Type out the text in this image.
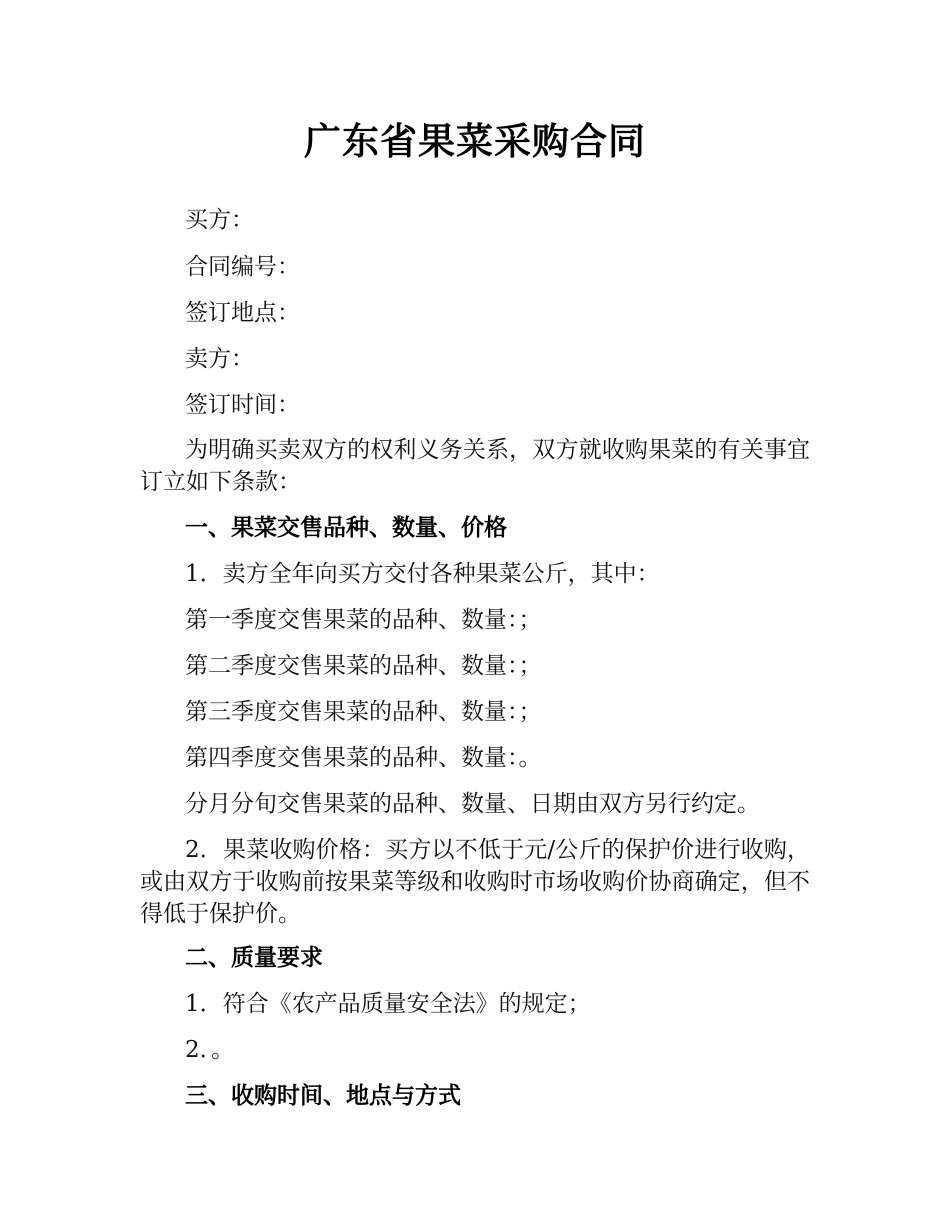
广东省果菜采购合同

买方：

合同编号：

签订地点：

卖方：

签订时间：

为明确买卖双方的权利义务关系，双方就收购果菜的有关事宜订立如下条款：

一、果菜交售品种、数量、价格

1．卖方全年向买方交付各种果菜公斤，其中：

第一季度交售果菜的品种、数量：；

第二季度交售果菜的品种、数量：；

第三季度交售果菜的品种、数量：；

第四季度交售果菜的品种、数量：。

分月分旬交售果菜的品种、数量、日期由双方另行约定。

2．果菜收购价格：买方以不低于元/公斤的保护价进行收购，或由双方于收购前按果菜等级和收购时市场收购价协商确定，但不得低于保护价。

二、质量要求

1．符合《农产品质量安全法》的规定；

2．。

三、收购时间、地点与方式
